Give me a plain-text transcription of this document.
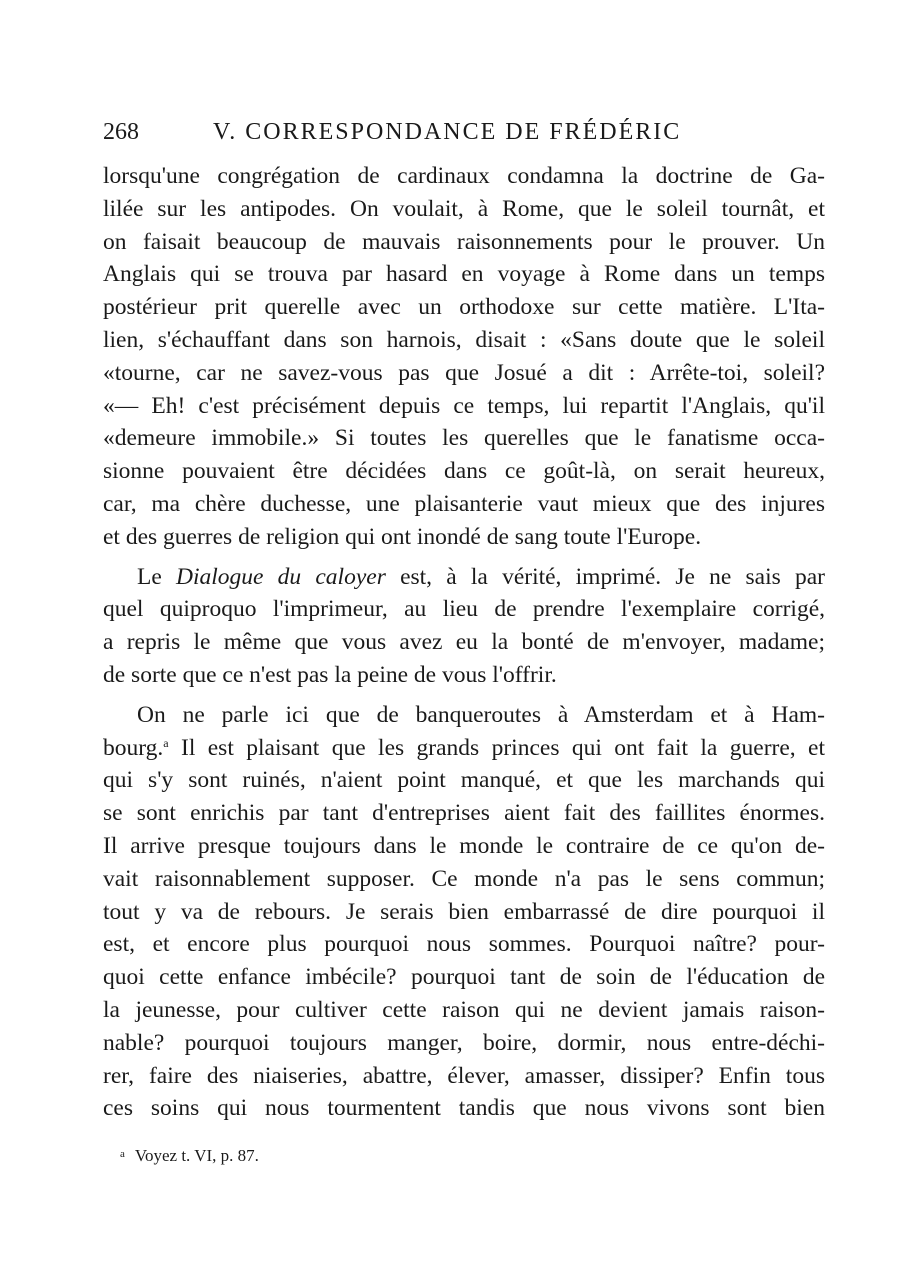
268	V. CORRESPONDANCE DE FRÉDÉRIC
lorsqu'une congrégation de cardinaux condamna la doctrine de Ga-
lilée sur les antipodes. On voulait, à Rome, que le soleil tournât, et
on faisait beaucoup de mauvais raisonnements pour le prouver. Un
Anglais qui se trouva par hasard en voyage à Rome dans un temps
postérieur prit querelle avec un orthodoxe sur cette matière. L'Ita-
lien, s'échauffant dans son harnois, disait : «Sans doute que le soleil
«tourne, car ne savez-vous pas que Josué a dit : Arrête-toi, soleil?
«— Eh! c'est précisément depuis ce temps, lui repartit l'Anglais, qu'il
«demeure immobile.» Si toutes les querelles que le fanatisme occa-
sionne pouvaient être décidées dans ce goût-là, on serait heureux,
car, ma chère duchesse, une plaisanterie vaut mieux que des injures
et des guerres de religion qui ont inondé de sang toute l'Europe.
Le Dialogue du caloyer est, à la vérité, imprimé. Je ne sais par
quel quiproquo l'imprimeur, au lieu de prendre l'exemplaire corrigé,
a repris le même que vous avez eu la bonté de m'envoyer, madame;
de sorte que ce n'est pas la peine de vous l'offrir.
On ne parle ici que de banqueroutes à Amsterdam et à Ham-
bourg.$^a$ Il est plaisant que les grands princes qui ont fait la guerre, et
qui s'y sont ruinés, n'aient point manqué, et que les marchands qui
se sont enrichis par tant d'entreprises aient fait des faillites énormes.
Il arrive presque toujours dans le monde le contraire de ce qu'on de-
vait raisonnablement supposer. Ce monde n'a pas le sens commun;
tout y va de rebours. Je serais bien embarrassé de dire pourquoi il
est, et encore plus pourquoi nous sommes. Pourquoi naître? pour-
quoi cette enfance imbécile? pourquoi tant de soin de l'éducation de
la jeunesse, pour cultiver cette raison qui ne devient jamais raison-
nable? pourquoi toujours manger, boire, dormir, nous entre-déchi-
rer, faire des niaiseries, abattre, élever, amasser, dissiper? Enfin tous
ces soins qui nous tourmentent tandis que nous vivons sont bien
$^a$ Voyez t. VI, p. 87.
